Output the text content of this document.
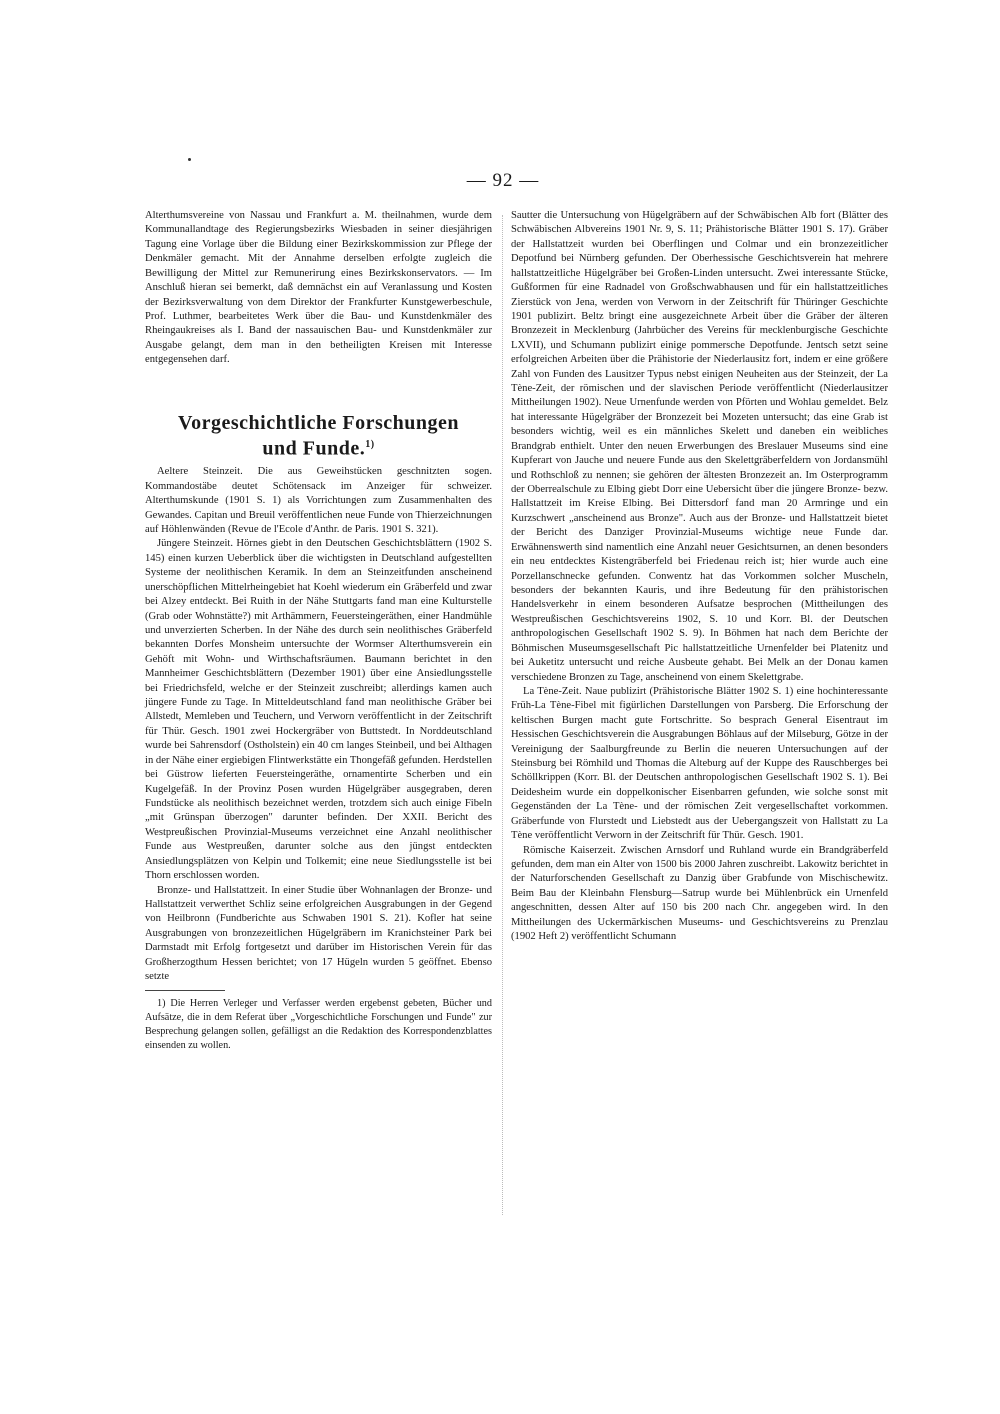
— 92 —

Alterthumsvereine von Nassau und Frankfurt a. M. theilnahmen, wurde dem Kommunallandtage des Regierungsbezirks Wiesbaden in seiner diesjährigen Tagung eine Vorlage über die Bildung einer Bezirkskommission zur Pflege der Denkmäler gemacht. Mit der Annahme derselben erfolgte zugleich die Bewilligung der Mittel zur Remunerirung eines Bezirkskonservators. — Im Anschluß hieran sei bemerkt, daß demnächst ein auf Veranlassung und Kosten der Bezirksverwaltung von dem Direktor der Frankfurter Kunstgewerbeschule, Prof. Luthmer, bearbeitetes Werk über die Bau- und Kunstdenkmäler des Rheingaukreises als I. Band der nassauischen Bau- und Kunstdenkmäler zur Ausgabe gelangt, dem man in den betheiligten Kreisen mit Interesse entgegensehen darf.

Vorgeschichtliche Forschungen
und Funde.$^{1)}$

Aeltere Steinzeit. Die aus Geweihstücken geschnitzten sogen. Kommandostäbe deutet Schötensack im Anzeiger für schweizer. Alterthumskunde (1901 S. 1) als Vorrichtungen zum Zusammenhalten des Gewandes. Capitan und Breuil veröffentlichen neue Funde von Thierzeichnungen auf Höhlenwänden (Revue de l'Ecole d'Anthr. de Paris. 1901 S. 321).

Jüngere Steinzeit. Hörnes giebt in den Deutschen Geschichtsblättern (1902 S. 145) einen kurzen Ueberblick über die wichtigsten in Deutschland aufgestellten Systeme der neolithischen Keramik. In dem an Steinzeitfunden anscheinend unerschöpflichen Mittelrheingebiet hat Koehl wiederum ein Gräberfeld und zwar bei Alzey entdeckt. Bei Ruith in der Nähe Stuttgarts fand man eine Kulturstelle (Grab oder Wohnstätte?) mit Arthämmern, Feuersteingeräthen, einer Handmühle und unverzierten Scherben. In der Nähe des durch sein neolithisches Gräberfeld bekannten Dorfes Monsheim untersuchte der Wormser Alterthumsverein ein Gehöft mit Wohn- und Wirthschaftsräumen. Baumann berichtet in den Mannheimer Geschichtsblättern (Dezember 1901) über eine Ansiedlungsstelle bei Friedrichsfeld, welche er der Steinzeit zuschreibt; allerdings kamen auch jüngere Funde zu Tage. In Mitteldeutschland fand man neolithische Gräber bei Allstedt, Memleben und Teuchern, und Verworn veröffentlicht in der Zeitschrift für Thür. Gesch. 1901 zwei Hockergräber von Buttstedt. In Norddeutschland wurde bei Sahrensdorf (Ostholstein) ein 40 cm langes Steinbeil, und bei Althagen in der Nähe einer ergiebigen Flintwerkstätte ein Thongefäß gefunden. Herdstellen bei Güstrow lieferten Feuersteingeräthe, ornamentirte Scherben und ein Kugelgefäß. In der Provinz Posen wurden Hügelgräber ausgegraben, deren Fundstücke als neolithisch bezeichnet werden, trotzdem sich auch einige Fibeln „mit Grünspan überzogen" darunter befinden. Der XXII. Bericht des Westpreußischen Provinzial-Museums verzeichnet eine Anzahl neolithischer Funde aus Westpreußen, darunter solche aus den jüngst entdeckten Ansiedlungsplätzen von Kelpin und Tolkemit; eine neue Siedlungsstelle ist bei Thorn erschlossen worden.

Bronze- und Hallstattzeit. In einer Studie über Wohnanlagen der Bronze- und Hallstattzeit verwerthet Schliz seine erfolgreichen Ausgrabungen in der Gegend von Heilbronn (Fundberichte aus Schwaben 1901 S. 21). Kofler hat seine Ausgrabungen von bronzezeitlichen Hügelgräbern im Kranichsteiner Park bei Darmstadt mit Erfolg fortgesetzt und darüber im Historischen Verein für das Großherzogthum Hessen berichtet; von 17 Hügeln wurden 5 geöffnet. Ebenso setzte

1) Die Herren Verleger und Verfasser werden ergebenst gebeten, Bücher und Aufsätze, die in dem Referat über „Vorgeschichtliche Forschungen und Funde" zur Besprechung gelangen sollen, gefälligst an die Redaktion des Korrespondenzblattes einsenden zu wollen.

Sautter die Untersuchung von Hügelgräbern auf der Schwäbischen Alb fort (Blätter des Schwäbischen Albvereins 1901 Nr. 9, S. 11; Prähistorische Blätter 1901 S. 17). Gräber der Hallstattzeit wurden bei Oberflingen und Colmar und ein bronzezeitlicher Depotfund bei Nürnberg gefunden. Der Oberhessische Geschichtsverein hat mehrere hallstattzeitliche Hügelgräber bei Großen-Linden untersucht. Zwei interessante Stücke, Gußformen für eine Radnadel von Großschwabhausen und für ein hallstattzeitliches Zierstück von Jena, werden von Verworn in der Zeitschrift für Thüringer Geschichte 1901 publizirt. Beltz bringt eine ausgezeichnete Arbeit über die Gräber der älteren Bronzezeit in Mecklenburg (Jahrbücher des Vereins für mecklenburgische Geschichte LXVII), und Schumann publizirt einige pommersche Depotfunde. Jentsch setzt seine erfolgreichen Arbeiten über die Prähistorie der Niederlausitz fort, indem er eine größere Zahl von Funden des Lausitzer Typus nebst einigen Neuheiten aus der Steinzeit, der La Tène-Zeit, der römischen und der slavischen Periode veröffentlicht (Niederlausitzer Mittheilungen 1902). Neue Urnenfunde werden von Pförten und Wohlau gemeldet. Belz hat interessante Hügelgräber der Bronzezeit bei Mozeten untersucht; das eine Grab ist besonders wichtig, weil es ein männliches Skelett und daneben ein weibliches Brandgrab enthielt. Unter den neuen Erwerbungen des Breslauer Museums sind eine Kupferart von Jauche und neuere Funde aus den Skelettgräberfeldern von Jordansmühl und Rothschloß zu nennen; sie gehören der ältesten Bronzezeit an. Im Osterprogramm der Oberrealschule zu Elbing giebt Dorr eine Uebersicht über die jüngere Bronze- bezw. Hallstattzeit im Kreise Elbing. Bei Dittersdorf fand man 20 Armringe und ein Kurzschwert „anscheinend aus Bronze". Auch aus der Bronze- und Hallstattzeit bietet der Bericht des Danziger Provinzial-Museums wichtige neue Funde dar. Erwähnenswerth sind namentlich eine Anzahl neuer Gesichtsurnen, an denen besonders ein neu entdecktes Kistengräberfeld bei Friedenau reich ist; hier wurde auch eine Porzellanschnecke gefunden. Conwentz hat das Vorkommen solcher Muscheln, besonders der bekannten Kauris, und ihre Bedeutung für den prähistorischen Handelsverkehr in einem besonderen Aufsatze besprochen (Mittheilungen des Westpreußischen Geschichtsvereins 1902, S. 10 und Korr. Bl. der Deutschen anthropologischen Gesellschaft 1902 S. 9). In Böhmen hat nach dem Berichte der Böhmischen Museumsgesellschaft Pic hallstattzeitliche Urnenfelder bei Platenitz und bei Auketitz untersucht und reiche Ausbeute gehabt. Bei Melk an der Donau kamen verschiedene Bronzen zu Tage, anscheinend von einem Skelettgrabe.

La Tène-Zeit. Naue publizirt (Prähistorische Blätter 1902 S. 1) eine hochinteressante Früh-La Tène-Fibel mit figürlichen Darstellungen von Parsberg. Die Erforschung der keltischen Burgen macht gute Fortschritte. So besprach General Eisentraut im Hessischen Geschichtsverein die Ausgrabungen Böhlaus auf der Milseburg, Götze in der Vereinigung der Saalburgfreunde zu Berlin die neueren Untersuchungen auf der Steinsburg bei Römhild und Thomas die Alteburg auf der Kuppe des Rauschberges bei Schöllkrippen (Korr. Bl. der Deutschen anthropologischen Gesellschaft 1902 S. 1). Bei Deidesheim wurde ein doppelkonischer Eisenbarren gefunden, wie solche sonst mit Gegenständen der La Tène- und der römischen Zeit vergesellschaftet vorkommen. Gräberfunde von Flurstedt und Liebstedt aus der Uebergangszeit von Hallstatt zu La Tène veröffentlicht Verworn in der Zeitschrift für Thür. Gesch. 1901.

Römische Kaiserzeit. Zwischen Arnsdorf und Ruhland wurde ein Brandgräberfeld gefunden, dem man ein Alter von 1500 bis 2000 Jahren zuschreibt. Lakowitz berichtet in der Naturforschenden Gesellschaft zu Danzig über Grabfunde von Mischischewitz. Beim Bau der Kleinbahn Flensburg—Satrup wurde bei Mühlenbrück ein Urnenfeld angeschnitten, dessen Alter auf 150 bis 200 nach Chr. angegeben wird. In den Mittheilungen des Uckermärkischen Museums- und Geschichtsvereins zu Prenzlau (1902 Heft 2) veröffentlicht Schumann
